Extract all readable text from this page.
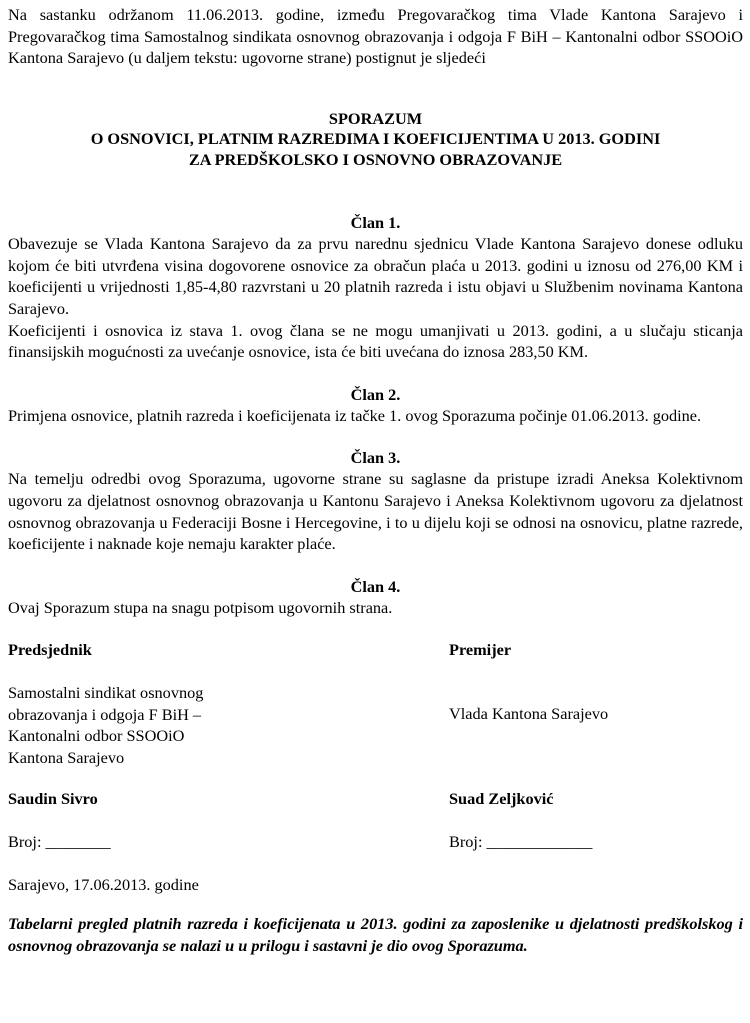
Na sastanku održanom 11.06.2013. godine, između Pregovaračkog tima Vlade Kantona Sarajevo i Pregovaračkog tima Samostalnog sindikata osnovnog obrazovanja i odgoja F BiH – Kantonalni odbor SSOOiO Kantona Sarajevo (u daljem tekstu: ugovorne strane) postignut je sljedeći

SPORAZUM

O OSNOVICI, PLATNIM RAZREDIMA I KOEFICIJENTIMA U 2013. GODINI

ZA PREDŠKOLSKO I OSNOVNO OBRAZOVANJE

Član 1.

Obavezuje se Vlada Kantona Sarajevo da za prvu narednu sjednicu Vlade Kantona Sarajevo donese odluku kojom će biti utvrđena visina dogovorene osnovice za obračun plaća u 2013. godini u iznosu od 276,00 KM i koeficijenti u vrijednosti 1,85-4,80 razvrstani u 20 platnih razreda i istu objavi u Službenim novinama Kantona Sarajevo.

Koeficijenti i osnovica iz stava 1. ovog člana se ne mogu umanjivati u 2013. godini, a u slučaju sticanja finansijskih mogućnosti za uvećanje osnovice, ista će biti uvećana do iznosa 283,50 KM.

Član 2.

Primjena osnovice, platnih razreda i koeficijenata iz tačke 1. ovog Sporazuma počinje 01.06.2013. godine.

Član 3.

Na temelju odredbi ovog Sporazuma, ugovorne strane su saglasne da pristupe izradi Aneksa Kolektivnom ugovoru za djelatnost osnovnog obrazovanja u Kantonu Sarajevo i Aneksa Kolektivnom ugovoru za djelatnost osnovnog obrazovanja u Federaciji Bosne i Hercegovine, i to u dijelu koji se odnosi na osnovicu, platne razrede, koeficijente i naknade koje nemaju karakter plaće.

Član 4.

Ovaj Sporazum stupa na snagu potpisom ugovornih strana.

Predsjednik	Premijer

Samostalni sindikat osnovnog

obrazovanja i odgoja F BiH –

Kantonalni odbor SSOOiO

Kantona Sarajevo

Vlada Kantona Sarajevo

Saudin Sivro	Suad Zeljković

Broj: ________	Broj: _____________

Sarajevo, 17.06.2013. godine

Tabelarni pregled platnih razreda i koeficijenata u 2013. godini za zaposlenike u djelatnosti predškolskog i osnovnog obrazovanja se nalazi u u prilogu i sastavni je dio ovog Sporazuma.
